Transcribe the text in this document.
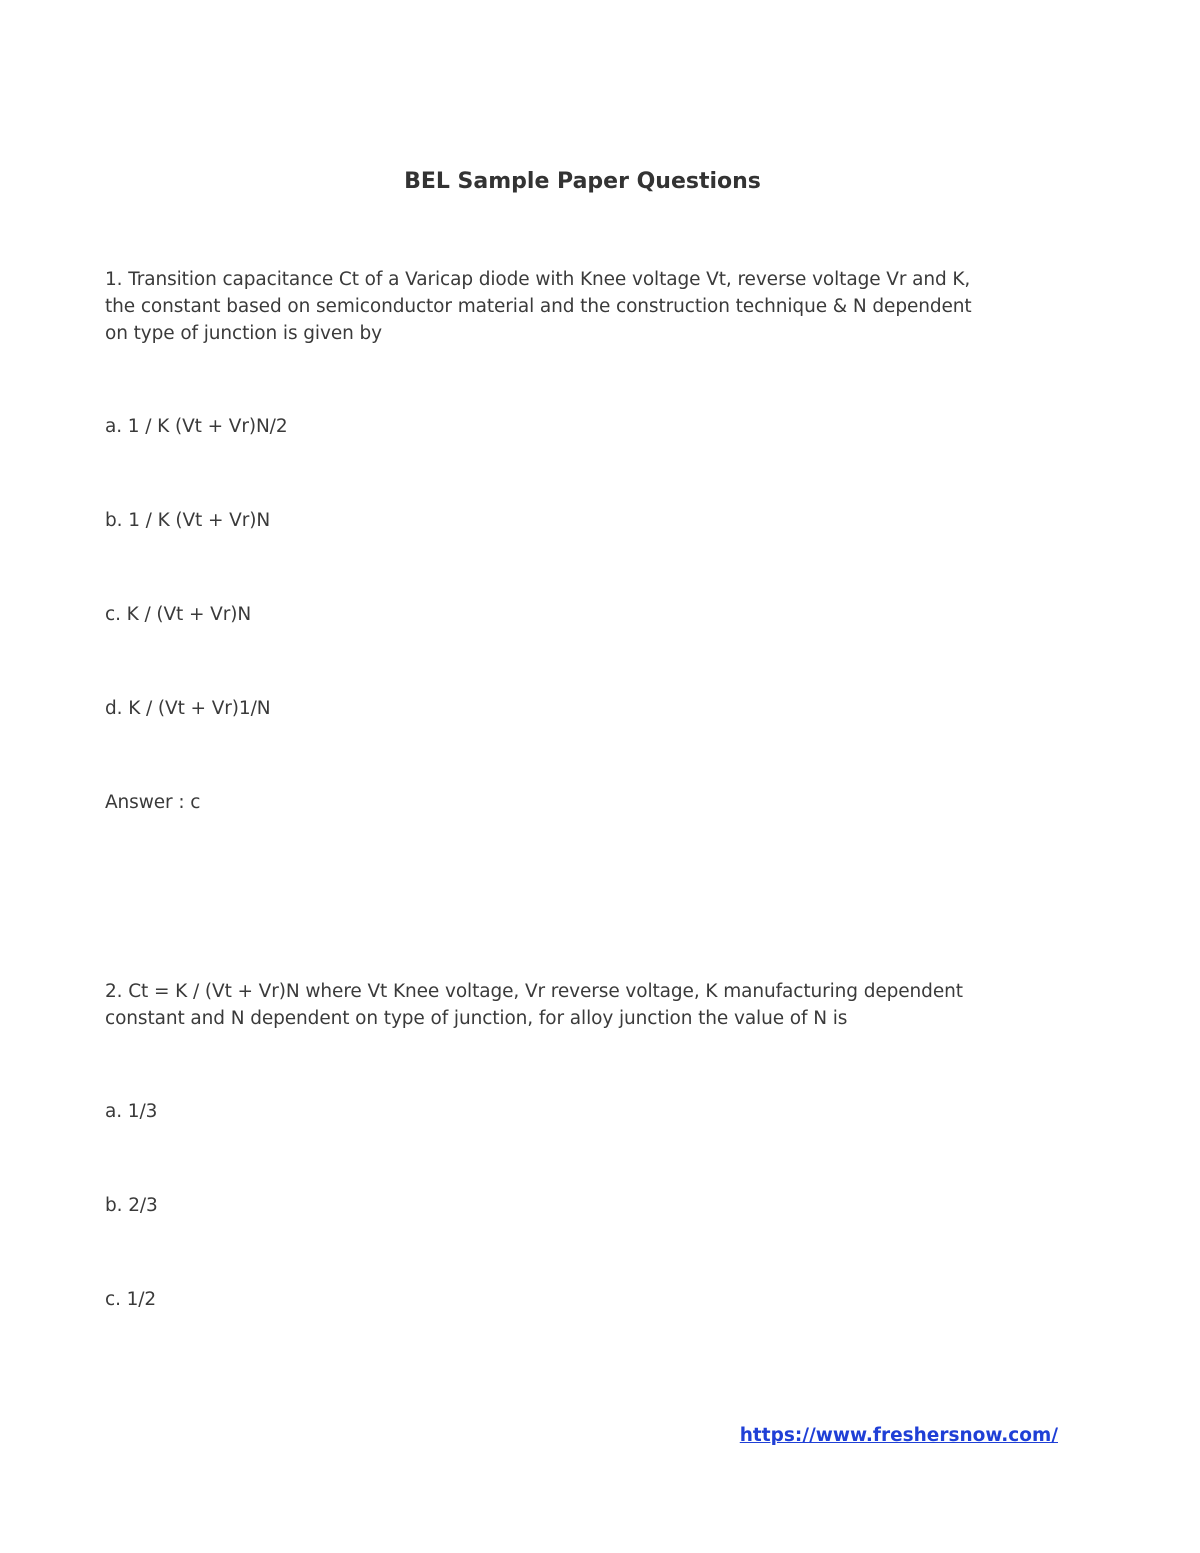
BEL Sample Paper Questions
1. Transition capacitance Ct of a Varicap diode with Knee voltage Vt, reverse voltage Vr and K,
the constant based on semiconductor material and the construction technique & N dependent
on type of junction is given by
a. 1 / K (Vt + Vr)N/2
b. 1 / K (Vt + Vr)N
c. K / (Vt + Vr)N
d. K / (Vt + Vr)1/N
Answer : c
2. Ct = K / (Vt + Vr)N where Vt Knee voltage, Vr reverse voltage, K manufacturing dependent
constant and N dependent on type of junction, for alloy junction the value of N is
a. 1/3
b. 2/3
c. 1/2
https://www.freshersnow.com/
